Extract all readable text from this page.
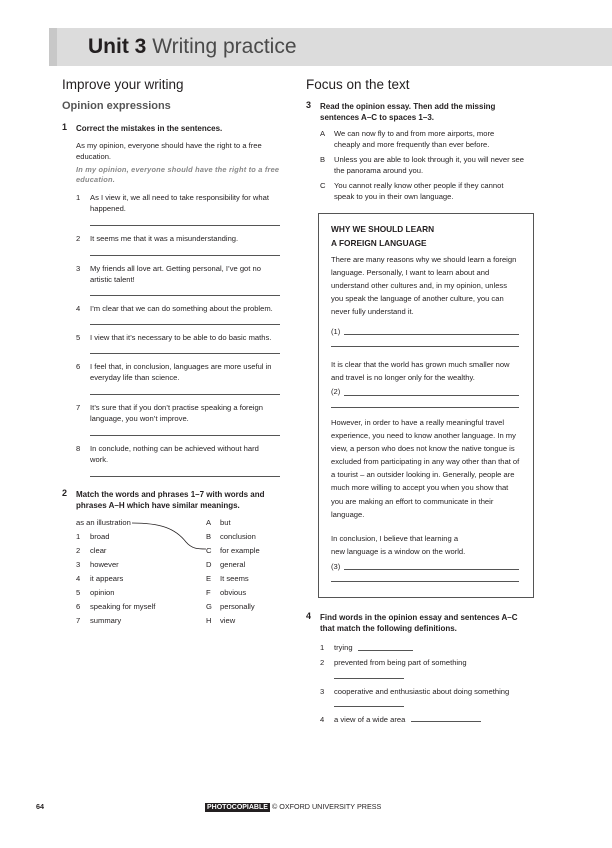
Unit 3 Writing practice
Improve your writing
Opinion expressions
1 Correct the mistakes in the sentences.
As my opinion, everyone should have the right to a free education.
In my opinion, everyone should have the right to a free education.
1 As I view it, we all need to take responsibility for what happened.
2 It seems me that it was a misunderstanding.
3 My friends all love art. Getting personal, I’ve got no artistic talent!
4 I’m clear that we can do something about the problem.
5 I view that it’s necessary to be able to do basic maths.
6 I feel that, in conclusion, languages are more useful in everyday life than science.
7 It’s sure that if you don’t practise speaking a foreign language, you won’t improve.
8 In conclude, nothing can be achieved without hard work.
2 Match the words and phrases 1–7 with words and phrases A–H which have similar meanings.
as an illustration
1 broad
2 clear
3 however
4 it appears
5 opinion
6 speaking for myself
7 summary
A but
B conclusion
C for example
D general
E It seems
F obvious
G personally
H view
Focus on the text
3 Read the opinion essay. Then add the missing sentences A–C to spaces 1–3.
A We can now fly to and from more airports, more cheaply and more frequently than ever before.
B Unless you are able to look through it, you will never see the panorama around you.
C You cannot really know other people if they cannot speak to you in their own language.
WHY WE SHOULD LEARN
A FOREIGN LANGUAGE

There are many reasons why we should learn a foreign language. Personally, I want to learn about and understand other cultures and, in my opinion, unless you speak the language of another culture, you can never fully understand it.

(1)

It is clear that the world has grown much smaller now and travel is no longer only for the wealthy.

(2)

However, in order to have a really meaningful travel experience, you need to know another language. In my view, a person who does not know the native tongue is excluded from participating in any way other than that of a tourist – an outsider looking in. Generally, people are much more willing to accept you when you show that you are making an effort to communicate in their language.

In conclusion, I believe that learning a new language is a window on the world.

(3)
4 Find words in the opinion essay and sentences A–C that match the following definitions.
1 trying
2 prevented from being part of something
3 cooperative and enthusiastic about doing something
4 a view of a wide area
64	PHOTOCOPIABLE © OXFORD UNIVERSITY PRESS
